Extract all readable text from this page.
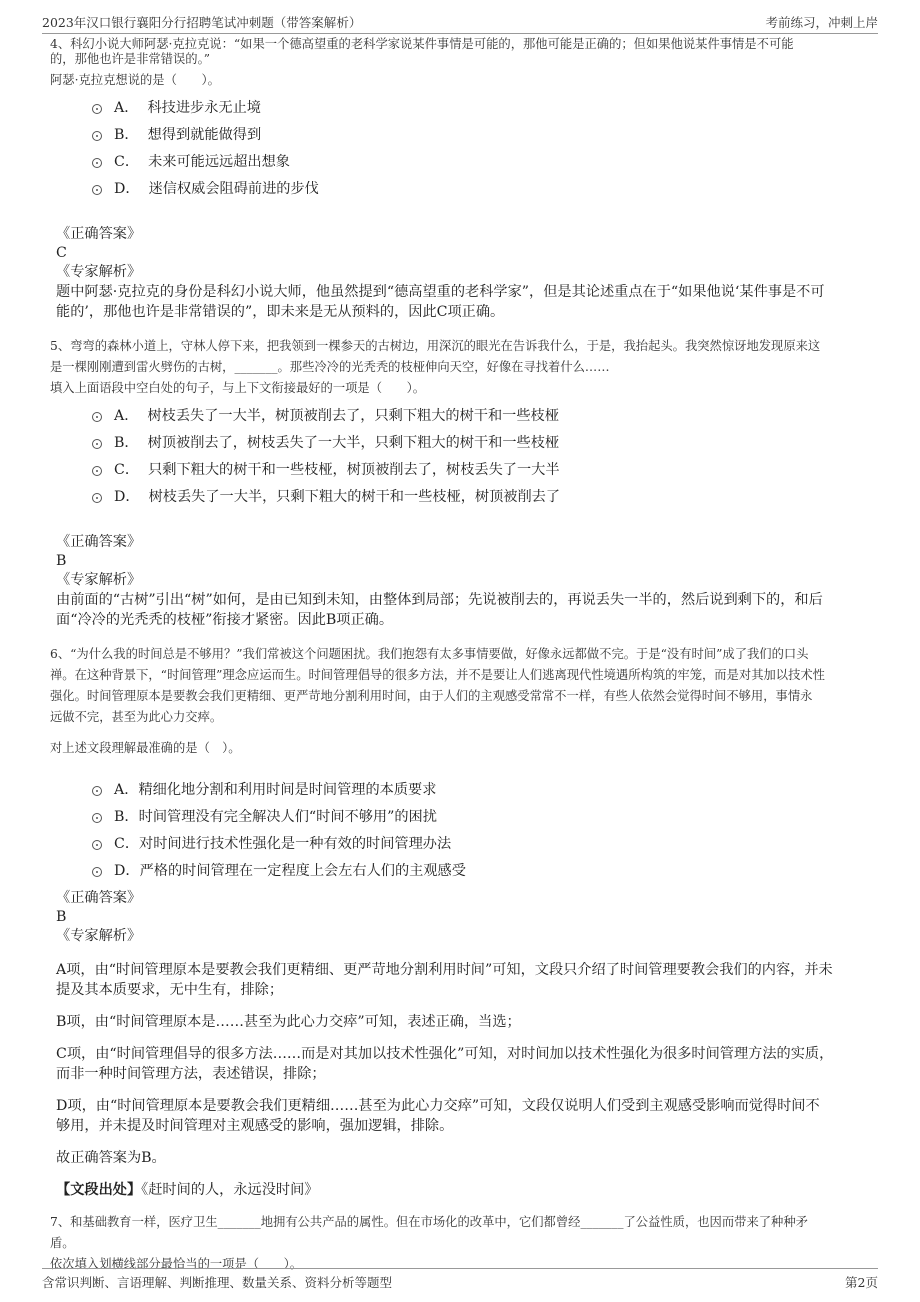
2023年汉口银行襄阳分行招聘笔试冲刺题（带答案解析）	考前练习，冲刺上岸

4、科幻小说大师阿瑟·克拉克说：“如果一个德高望重的老科学家说某件事情是可能的，那他可能是正确的；但如果他说某件事情是不可能

的，那他也许是非常错误的。”

阿瑟·克拉克想说的是（　　）。

A． 科技进步永无止境
B． 想得到就能做得到
C． 未来可能远远超出想象
D． 迷信权威会阻碍前进的步伐

《正确答案》

C

《专家解析》

题中阿瑟·克拉克的身份是科幻小说大师，他虽然提到“德高望重的老科学家”，但是其论述重点在于“如果他说‘某件事是不可

能的’，那他也许是非常错误的”，即未来是无从预料的，因此C项正确。

5、弯弯的森林小道上，守林人停下来，把我领到一棵参天的古树边，用深沉的眼光在告诉我什么，于是，我抬起头。我突然惊讶地发现原来这

是一棵刚刚遭到雷火劈伤的古树，_______。那些冷冷的光秃秃的枝桠伸向天空，好像在寻找着什么……

填入上面语段中空白处的句子，与上下文衔接最好的一项是（　　）。

A． 树枝丢失了一大半，树顶被削去了，只剩下粗大的树干和一些枝桠
B． 树顶被削去了，树枝丢失了一大半，只剩下粗大的树干和一些枝桠
C． 只剩下粗大的树干和一些枝桠，树顶被削去了，树枝丢失了一大半
D． 树枝丢失了一大半，只剩下粗大的树干和一些枝桠，树顶被削去了

《正确答案》

B

《专家解析》

由前面的“古树”引出“树”如何，是由已知到未知，由整体到局部；先说被削去的，再说丢失一半的，然后说到剩下的，和后

面“冷冷的光秃秃的枝桠”衔接才紧密。因此B项正确。

6、“为什么我的时间总是不够用？”我们常被这个问题困扰。我们抱怨有太多事情要做，好像永远都做不完。于是“没有时间”成了我们的口头

禅。在这种背景下，“时间管理”理念应运而生。时间管理倡导的很多方法，并不是要让人们逃离现代性境遇所构筑的牢笼，而是对其加以技术性

强化。时间管理原本是要教会我们更精细、更严苛地分割利用时间，由于人们的主观感受常常不一样，有些人依然会觉得时间不够用，事情永

远做不完，甚至为此心力交瘁。

对上述文段理解最准确的是（　）。

A．精细化地分割和利用时间是时间管理的本质要求
B．时间管理没有完全解决人们“时间不够用”的困扰
C．对时间进行技术性强化是一种有效的时间管理办法
D．严格的时间管理在一定程度上会左右人们的主观感受

《正确答案》

B

《专家解析》

A项，由“时间管理原本是要教会我们更精细、更严苛地分割利用时间”可知，文段只介绍了时间管理要教会我们的内容，并未

提及其本质要求，无中生有，排除；

B项，由“时间管理原本是……甚至为此心力交瘁”可知，表述正确，当选；

C项，由“时间管理倡导的很多方法……而是对其加以技术性强化”可知，对时间加以技术性强化为很多时间管理方法的实质，

而非一种时间管理方法，表述错误，排除；

D项，由“时间管理原本是要教会我们更精细……甚至为此心力交瘁”可知，文段仅说明人们受到主观感受影响而觉得时间不

够用，并未提及时间管理对主观感受的影响，强加逻辑，排除。

故正确答案为B。

【文段出处】《赶时间的人，永远没时间》

7、和基础教育一样，医疗卫生_______地拥有公共产品的属性。但在市场化的改革中，它们都曾经_______了公益性质，也因而带来了种种矛

盾。

依次填入划横线部分最恰当的一项是（　　）。

含常识判断、言语理解、判断推理、数量关系、资料分析等题型	第2页
